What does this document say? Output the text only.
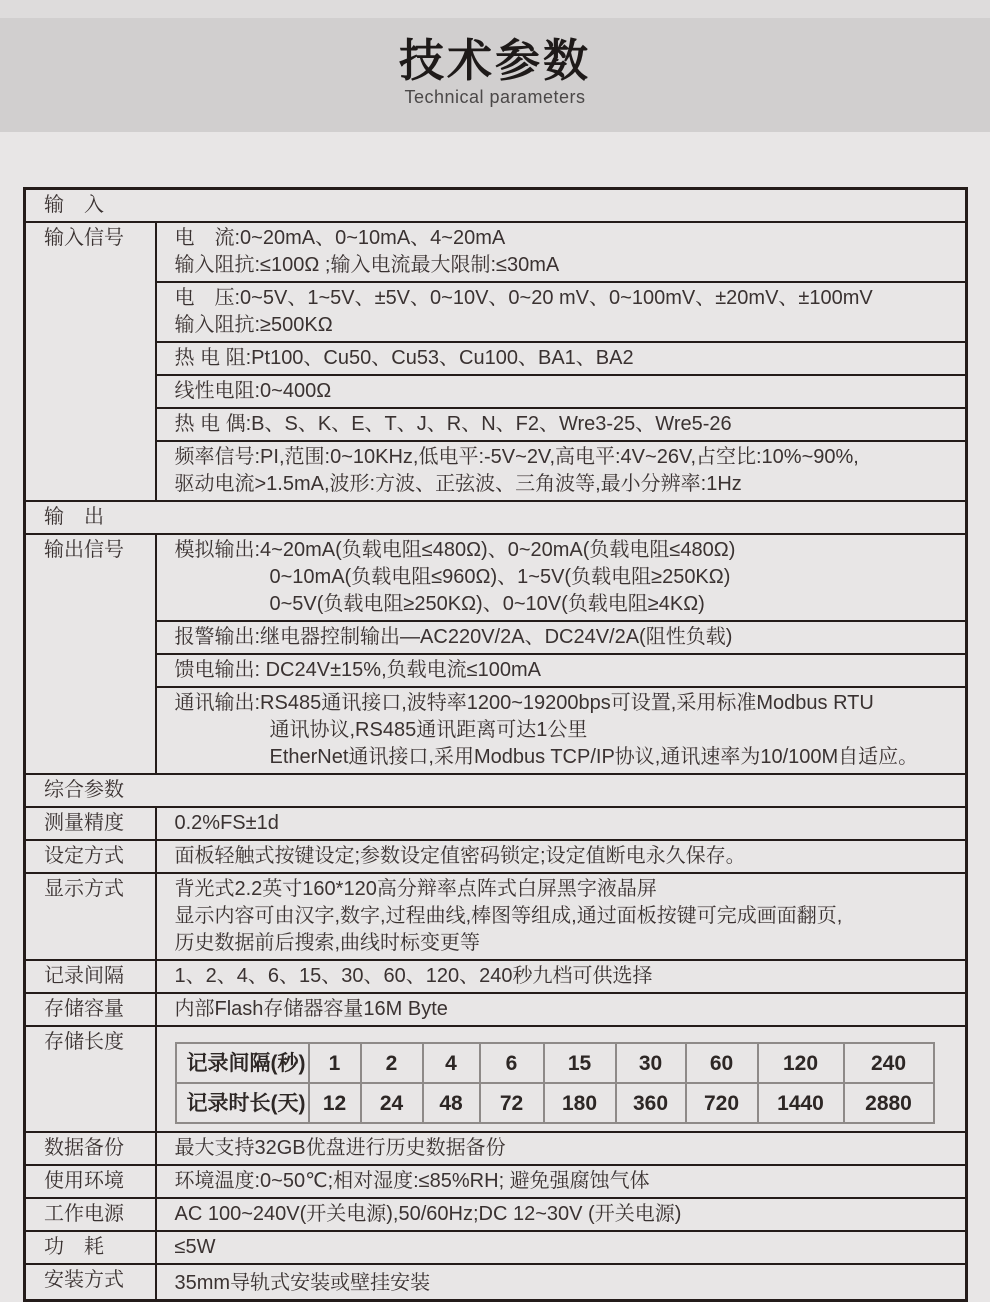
技术参数
Technical parameters
输　入
输入信号	电　流:0~20mA、0~10mA、4~20mA
输入阻抗:≤100Ω ;输入电流最大限制:≤30mA

电　压:0~5V、1~5V、±5V、0~10V、0~20 mV、0~100mV、±20mV、±100mV
输入阻抗:≥500KΩ

热 电 阻:Pt100、Cu50、Cu53、Cu100、BA1、BA2
线性电阻:0~400Ω
热 电 偶:B、S、K、E、T、J、R、N、F2、Wre3-25、Wre5-26

频率信号:PI,范围:0~10KHz,低电平:-5V~2V,高电平:4V~26V,占空比:10%~90%,
驱动电流>1.5mA,波形:方波、正弦波、三角波等,最小分辨率:1Hz

输　出
输出信号	模拟输出:4~20mA(负载电阻≤480Ω)、0~20mA(负载电阻≤480Ω)
0~10mA(负载电阻≤960Ω)、1~5V(负载电阻≥250KΩ)
0~5V(负载电阻≥250KΩ)、0~10V(负载电阻≥4KΩ)

报警输出:继电器控制输出—AC220V/2A、DC24V/2A(阻性负载)
馈电输出: DC24V±15%,负载电流≤100mA

通讯输出:RS485通讯接口,波特率1200~19200bps可设置,采用标准Modbus RTU
通讯协议,RS485通讯距离可达1公里
EtherNet通讯接口,采用Modbus TCP/IP协议,通讯速率为10/100M自适应。

综合参数
测量精度	0.2%FS±1d
设定方式	面板轻触式按键设定;参数设定值密码锁定;设定值断电永久保存。
显示方式	背光式2.2英寸160*120高分辩率点阵式白屏黑字液晶屏
显示内容可由汉字,数字,过程曲线,棒图等组成,通过面板按键可完成画面翻页,
历史数据前后搜索,曲线时标变更等

记录间隔	1、2、4、6、15、30、60、120、240秒九档可供选择
存储容量	内部Flash存储器容量16M Byte
存储长度	
记录间隔(秒)	1	2	4	6	15	30	60	120	240
记录时长(天)	12	24	48	72	180	360	720	1440	2880

数据备份	最大支持32GB优盘进行历史数据备份
使用环境	环境温度:0~50℃;相对湿度:≤85%RH; 避免强腐蚀气体
工作电源	AC 100~240V(开关电源),50/60Hz;DC 12~30V (开关电源)
功　耗	≤5W
安装方式	35mm导轨式安装或壁挂安装
